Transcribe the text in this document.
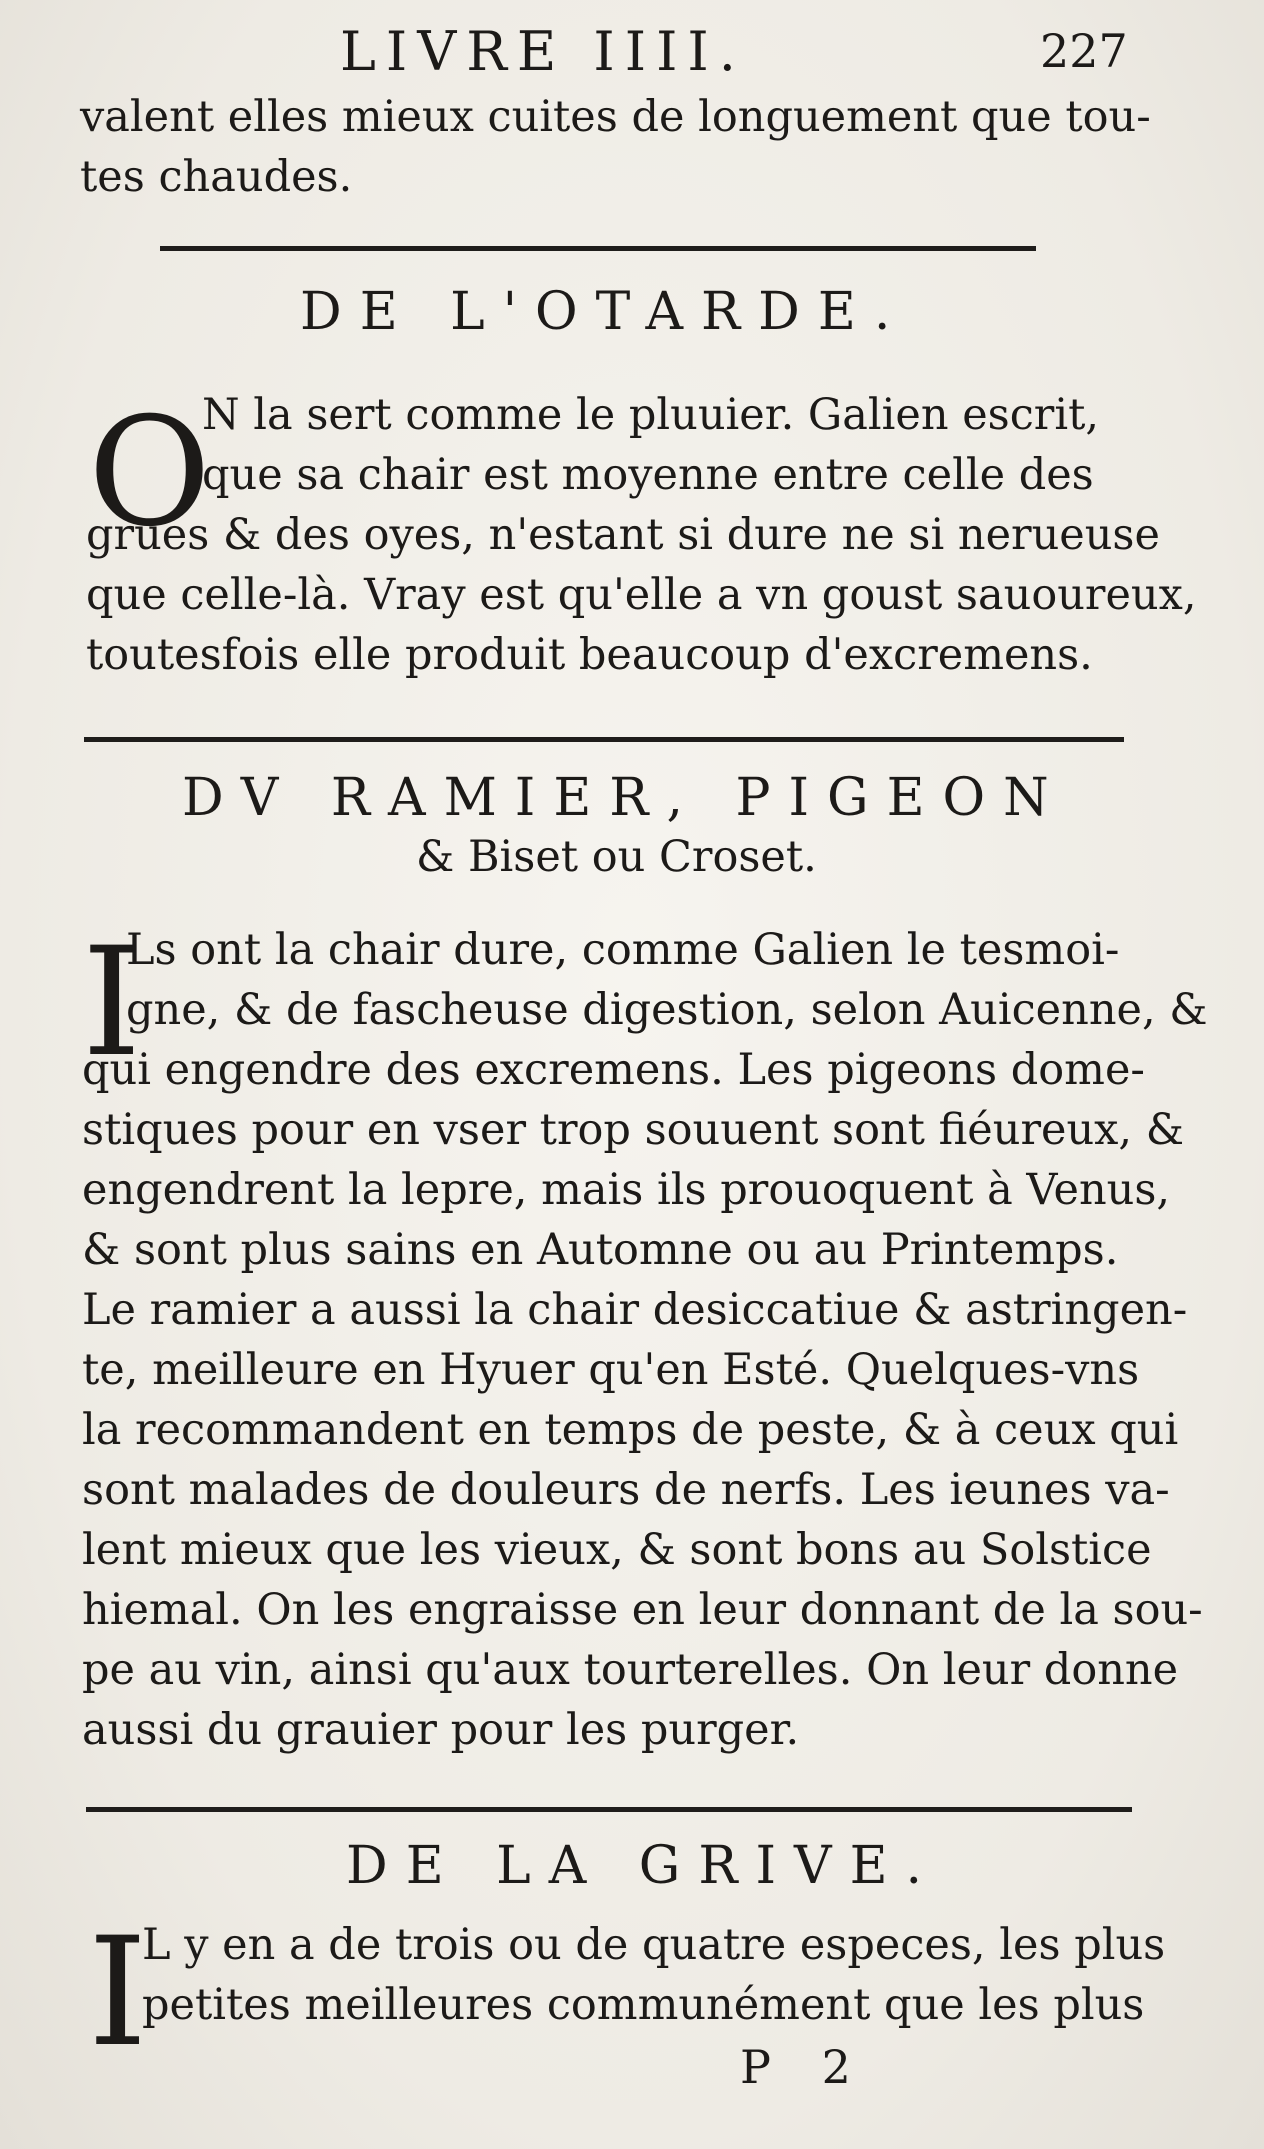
LIVRE IIII.	227
valent elles mieux cuites de longuement que tou-
tes chaudes.
DE L'OTARDE.
O
N la sert comme le pluuier. Galien escrit,
que sa chair est moyenne entre celle des
grues & des oyes, n'estant si dure ne si nerueuse
que celle-là. Vray est qu'elle a vn goust sauoureux,
toutesfois elle produit beaucoup d'excremens.
DV RAMIER, PIGEON
& Biset ou Croset.
I
Ls ont la chair dure, comme Galien le tesmoi-
gne, & de fascheuse digestion, selon Auicenne, &
qui engendre des excremens. Les pigeons dome-
stiques pour en vser trop souuent sont fiéureux, &
engendrent la lepre, mais ils prouoquent à Venus,
& sont plus sains en Automne ou au Printemps.
Le ramier a aussi la chair desiccatiue & astringen-
te, meilleure en Hyuer qu'en Esté. Quelques-vns
la recommandent en temps de peste, & à ceux qui
sont malades de douleurs de nerfs. Les ieunes va-
lent mieux que les vieux, & sont bons au Solstice
hiemal. On les engraisse en leur donnant de la sou-
pe au vin, ainsi qu'aux tourterelles. On leur donne
aussi du grauier pour les purger.
DE LA GRIVE.
I
L y en a de trois ou de quatre especes, les plus
petites meilleures communément que les plus
P 2
